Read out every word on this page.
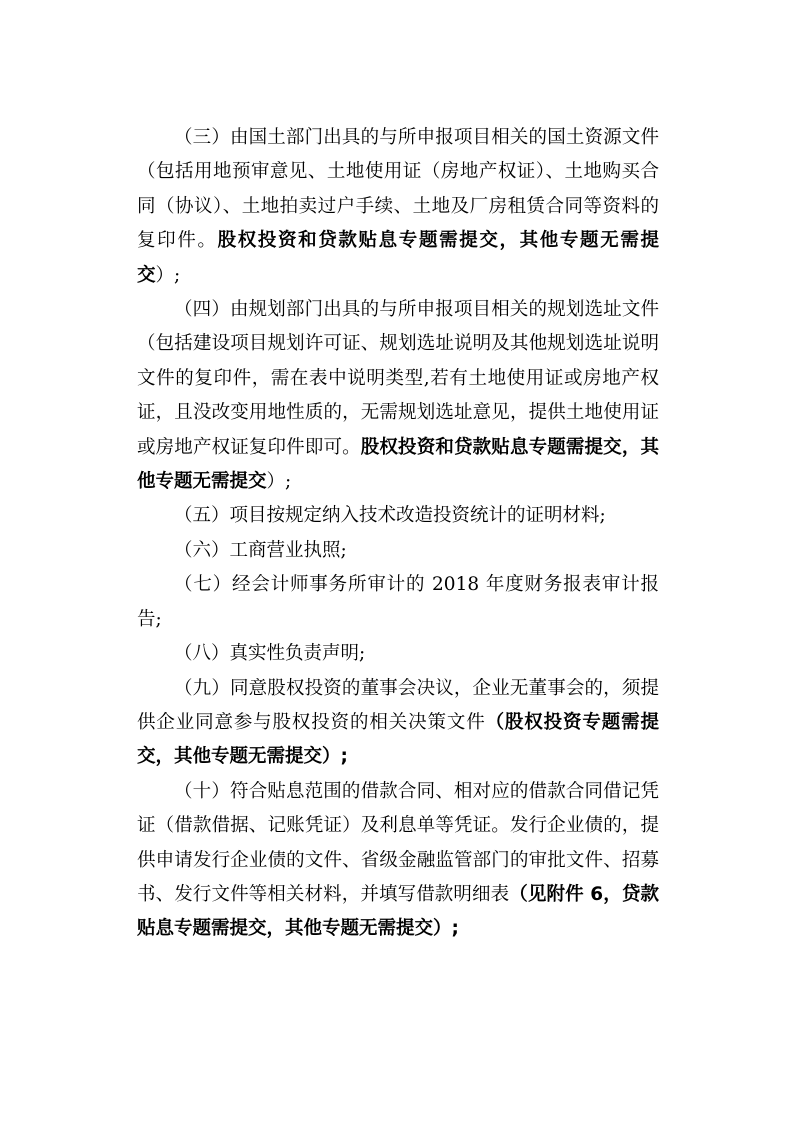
（三）由国土部门出具的与所申报项目相关的国土资源文件（包括用地预审意见、土地使用证（房地产权证）、土地购买合同（协议）、土地拍卖过户手续、土地及厂房租赁合同等资料的复印件。股权投资和贷款贴息专题需提交，其他专题无需提交）;

（四）由规划部门出具的与所申报项目相关的规划选址文件（包括建设项目规划许可证、规划选址说明及其他规划选址说明文件的复印件，需在表中说明类型,若有土地使用证或房地产权证，且没改变用地性质的，无需规划选址意见，提供土地使用证或房地产权证复印件即可。股权投资和贷款贴息专题需提交，其他专题无需提交）;

（五）项目按规定纳入技术改造投资统计的证明材料;

（六）工商营业执照;

（七）经会计师事务所审计的 2018 年度财务报表审计报告;

（八）真实性负责声明;

（九）同意股权投资的董事会决议，企业无董事会的，须提供企业同意参与股权投资的相关决策文件（股权投资专题需提交，其他专题无需提交）;

（十）符合贴息范围的借款合同、相对应的借款合同借记凭证（借款借据、记账凭证）及利息单等凭证。发行企业债的，提供申请发行企业债的文件、省级金融监管部门的审批文件、招募书、发行文件等相关材料，并填写借款明细表（见附件 6，贷款贴息专题需提交，其他专题无需提交）;
